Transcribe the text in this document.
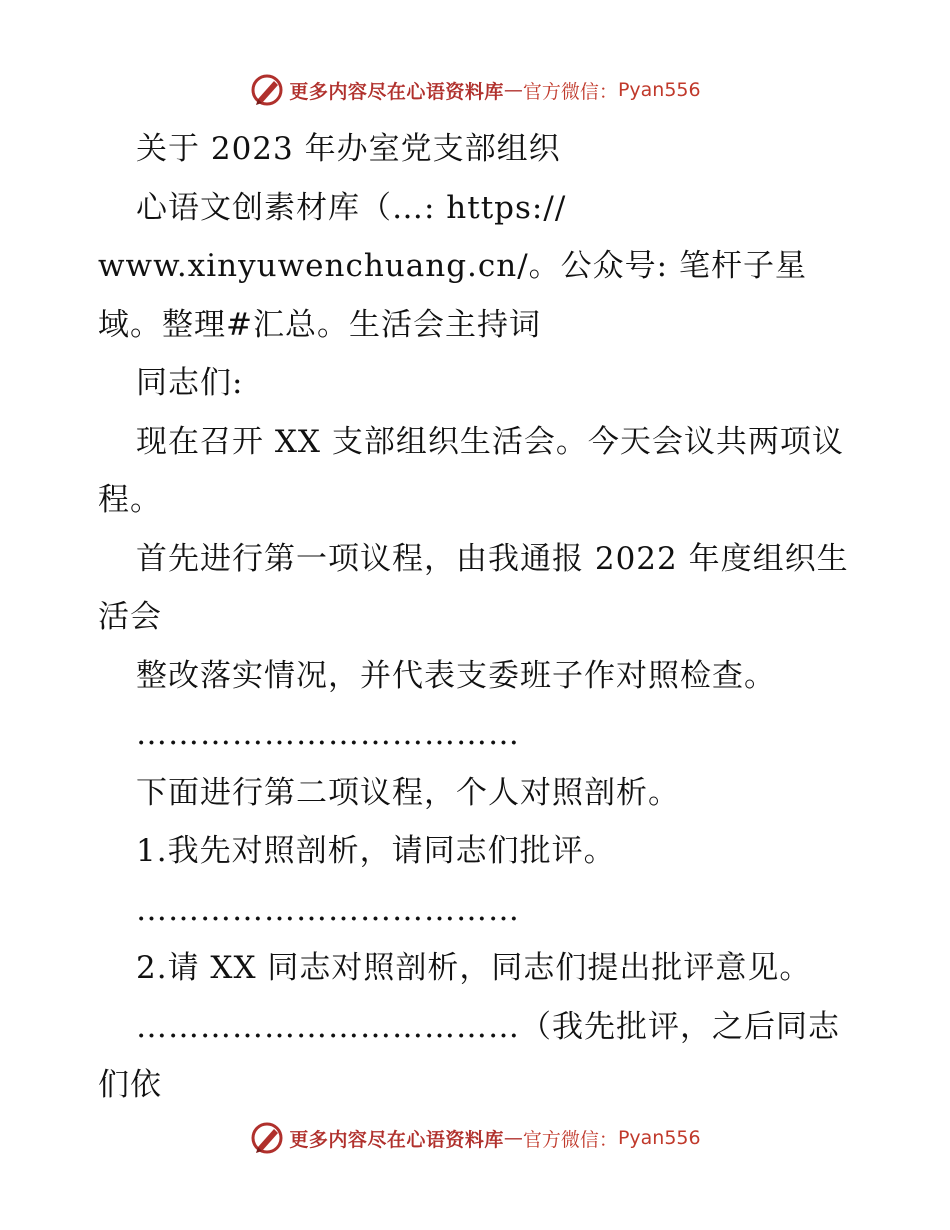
更多内容尽在心语资料库 — 官方微信： Pyan556

关于 2023 年办室党支部组织

心语文创素材库（…: https://

www.xinyuwenchuang.cn/。公众号: 笔杆子星域。整理#汇总。生活会主持词

同志们:

现在召开 XX 支部组织生活会。今天会议共两项议程。

首先进行第一项议程，由我通报 2022 年度组织生活会

整改落实情况，并代表支委班子作对照检查。

………………………………

下面进行第二项议程，个人对照剖析。

1.我先对照剖析，请同志们批评。

………………………………

2.请 XX 同志对照剖析，同志们提出批评意见。

………………………………（我先批评，之后同志们依

更多内容尽在心语资料库 — 官方微信： Pyan556
